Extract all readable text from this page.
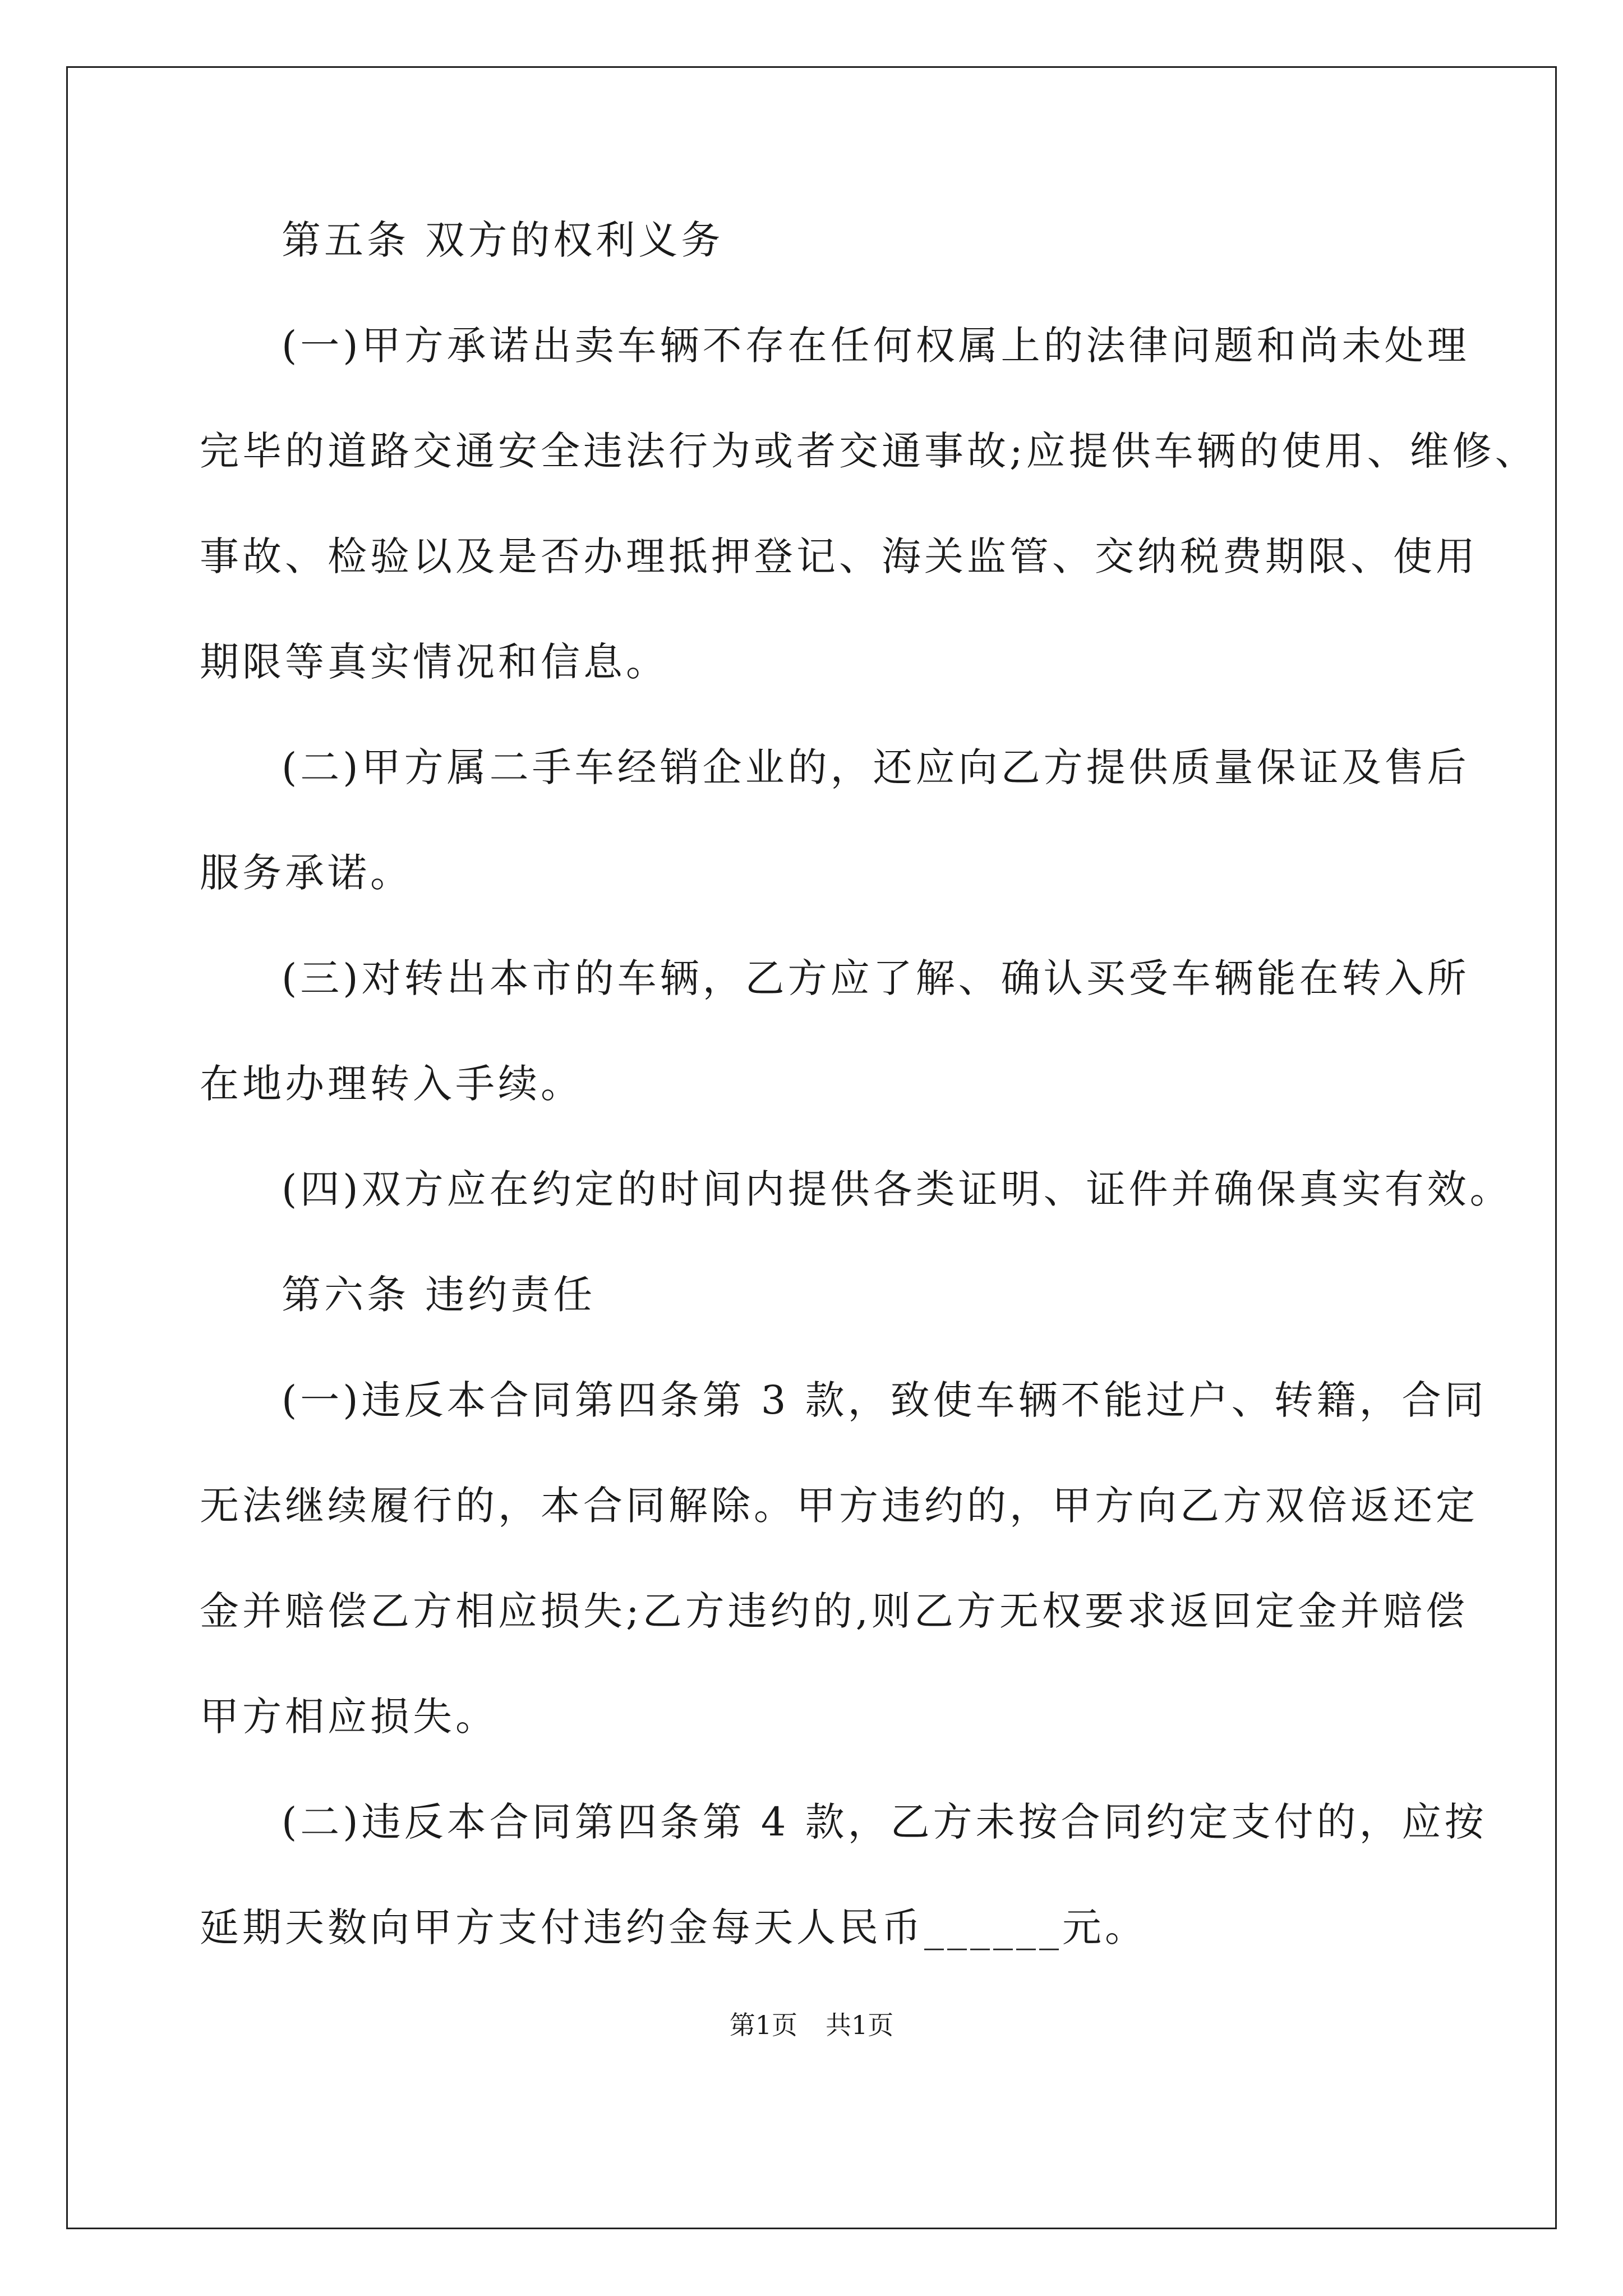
第五条 双方的权利义务

(一)甲方承诺出卖车辆不存在任何权属上的法律问题和尚未处理

完毕的道路交通安全违法行为或者交通事故;应提供车辆的使用、维修、

事故、检验以及是否办理抵押登记、海关监管、交纳税费期限、使用

期限等真实情况和信息。

(二)甲方属二手车经销企业的，还应向乙方提供质量保证及售后

服务承诺。

(三)对转出本市的车辆，乙方应了解、确认买受车辆能在转入所

在地办理转入手续。

(四)双方应在约定的时间内提供各类证明、证件并确保真实有效。

第六条 违约责任

(一)违反本合同第四条第 3 款，致使车辆不能过户、转籍，合同

无法继续履行的，本合同解除。甲方违约的，甲方向乙方双倍返还定

金并赔偿乙方相应损失;乙方违约的,则乙方无权要求返回定金并赔偿

甲方相应损失。

(二)违反本合同第四条第 4 款，乙方未按合同约定支付的，应按

延期天数向甲方支付违约金每天人民币______元。

第1页 共1页
